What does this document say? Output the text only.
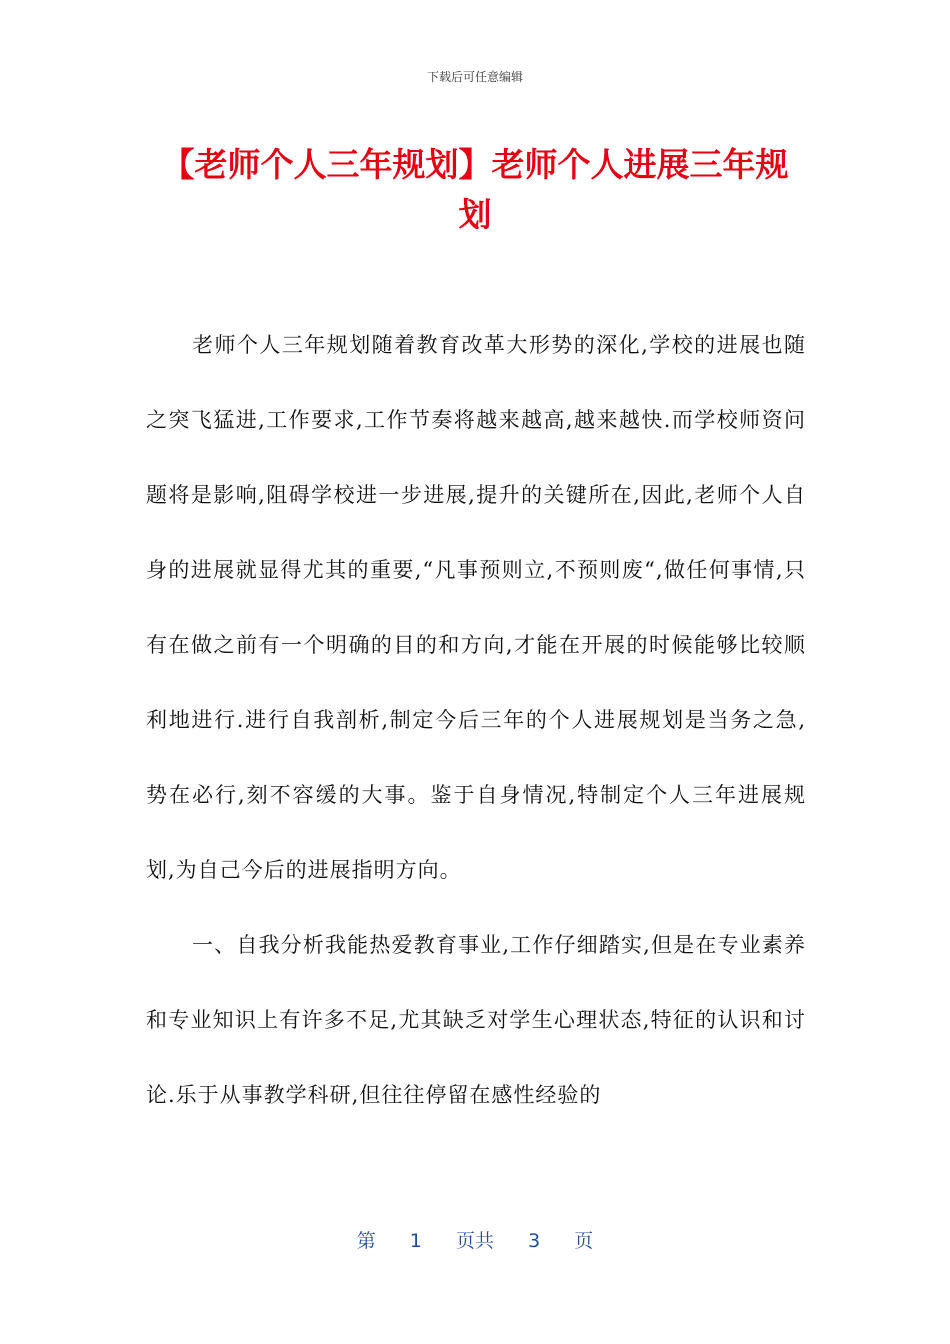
下载后可任意编辑
【老师个人三年规划】老师个人进展三年规划

老师个人三年规划随着教育改革大形势的深化,学校的进展也随之突飞猛进,工作要求,工作节奏将越来越高,越来越快.而学校师资问题将是影响,阻碍学校进一步进展,提升的关键所在,因此,老师个人自身的进展就显得尤其的重要,“凡事预则立,不预则废“,做任何事情,只有在做之前有一个明确的目的和方向,才能在开展的时候能够比较顺利地进行.进行自我剖析,制定今后三年的个人进展规划是当务之急,势在必行,刻不容缓的大事。鉴于自身情况,特制定个人三年进展规划,为自己今后的进展指明方向。

一、自我分析我能热爱教育事业,工作仔细踏实,但是在专业素养和专业知识上有许多不足,尤其缺乏对学生心理状态,特征的认识和讨论.乐于从事教学科研,但往往停留在感性经验的

第 1 页共 3 页
